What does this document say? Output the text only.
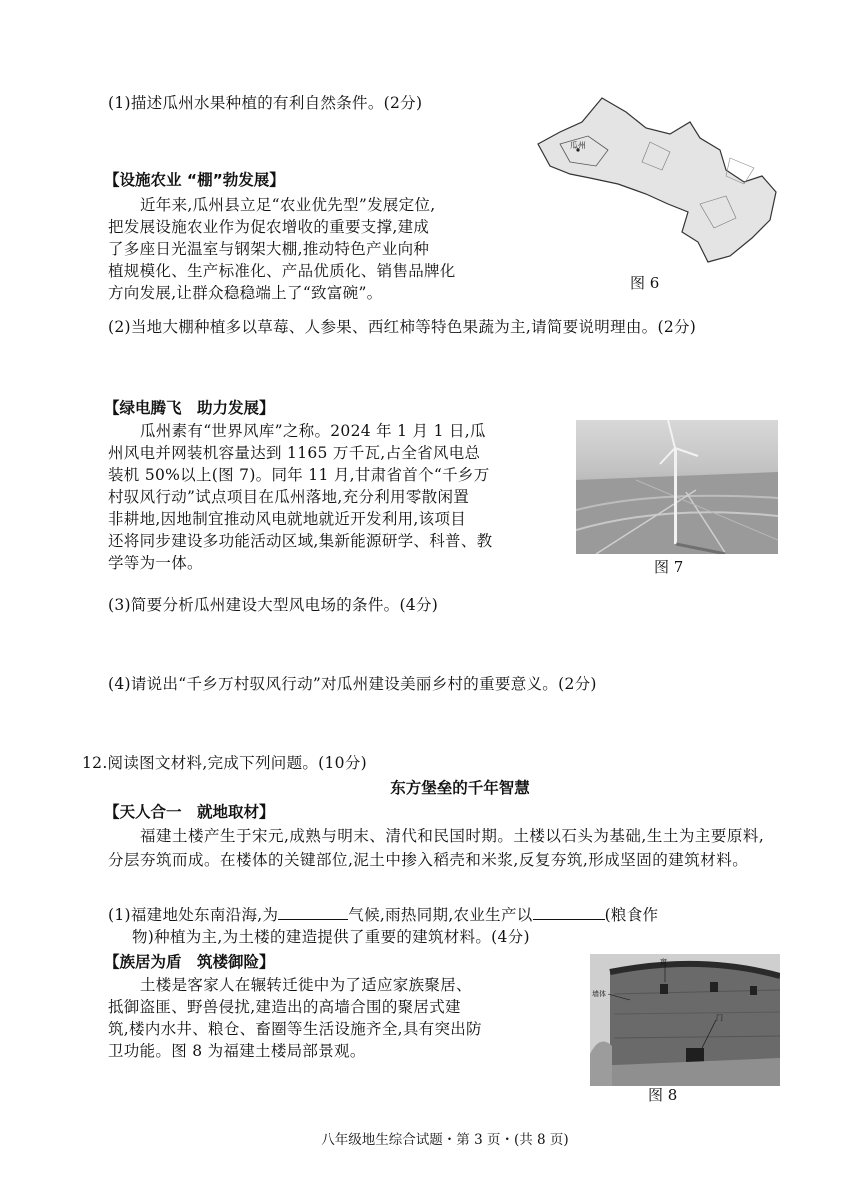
(1)描述瓜州水果种植的有利自然条件。(2分)
瓜州
图 6
【设施农业 “棚”勃发展】
近年来,瓜州县立足“农业优先型”发展定位,
把发展设施农业作为促农增收的重要支撑,建成
了多座日光温室与钢架大棚,推动特色产业向种
植规模化、生产标准化、产品优质化、销售品牌化
方向发展,让群众稳稳端上了“致富碗”。
(2)当地大棚种植多以草莓、人参果、西红柿等特色果蔬为主,请简要说明理由。(2分)
【绿电腾飞　助力发展】
瓜州素有“世界风库”之称。2024 年 1 月 1 日,瓜
州风电并网装机容量达到 1165 万千瓦,占全省风电总
装机 50%以上(图 7)。同年 11 月,甘肃省首个“千乡万
村驭风行动”试点项目在瓜州落地,充分利用零散闲置
非耕地,因地制宜推动风电就地就近开发利用,该项目
还将同步建设多功能活动区域,集新能源研学、科普、教
学等为一体。	图 7
(3)简要分析瓜州建设大型风电场的条件。(4分)
(4)请说出“千乡万村驭风行动”对瓜州建设美丽乡村的重要意义。(2分)
12.阅读图文材料,完成下列问题。(10分)
东方堡垒的千年智慧
【天人合一　就地取材】
福建土楼产生于宋元,成熟与明末、清代和民国时期。土楼以石头为基础,生土为主要原料,分层夯筑而成。在楼体的关键部位,泥土中掺入稻壳和米浆,反复夯筑,形成坚固的建筑材料。
(1)福建地处东南沿海,为	气候,雨热同期,农业生产以	(粮食作
物)种植为主,为土楼的建造提供了重要的建筑材料。(4分)
【族居为盾　筑楼御险】
土楼是客家人在辗转迁徙中为了适应家族聚居、
抵御盗匪、野兽侵扰,建造出的高墙合围的聚居式建
筑,楼内水井、粮仓、畜圈等生活设施齐全,具有突出防
卫功能。图 8 为福建土楼局部景观。
窗
墙体
门
图 8
八年级地生综合试题・第 3 页・(共 8 页)
